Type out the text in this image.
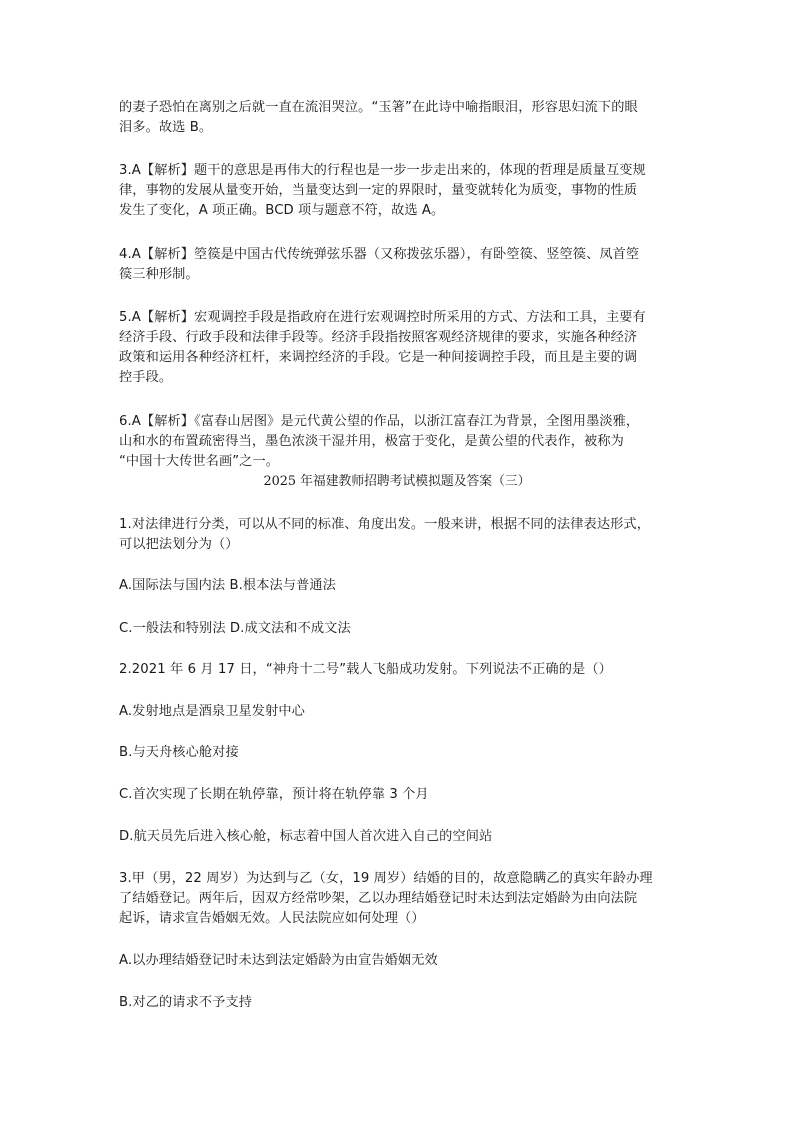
的妻子恐怕在离别之后就一直在流泪哭泣。“玉箸”在此诗中喻指眼泪，形容思妇流下的眼
泪多。故选 B。
3.A【解析】题干的意思是再伟大的行程也是一步一步走出来的，体现的哲理是质量互变规
律，事物的发展从量变开始，当量变达到一定的界限时，量变就转化为质变，事物的性质
发生了变化，A 项正确。BCD 项与题意不符，故选 A。
4.A【解析】箜篌是中国古代传统弹弦乐器（又称拨弦乐器），有卧箜篌、竖箜篌、凤首箜
篌三种形制。
5.A【解析】宏观调控手段是指政府在进行宏观调控时所采用的方式、方法和工具，主要有
经济手段、行政手段和法律手段等。经济手段指按照客观经济规律的要求，实施各种经济
政策和运用各种经济杠杆，来调控经济的手段。它是一种间接调控手段，而且是主要的调
控手段。
6.A【解析】《富春山居图》是元代黄公望的作品，以浙江富春江为背景，全图用墨淡雅，
山和水的布置疏密得当，墨色浓淡干湿并用，极富于变化，是黄公望的代表作，被称为
“中国十大传世名画”之一。
2025 年福建教师招聘考试模拟题及答案（三）
1.对法律进行分类，可以从不同的标准、角度出发。一般来讲，根据不同的法律表达形式，
可以把法划分为（）
A.国际法与国内法 B.根本法与普通法
C.一般法和特别法 D.成文法和不成文法
2.2021 年 6 月 17 日，“神舟十二号”载人飞船成功发射。下列说法不正确的是（）
A.发射地点是酒泉卫星发射中心
B.与天舟核心舱对接
C.首次实现了长期在轨停靠，预计将在轨停靠 3 个月
D.航天员先后进入核心舱，标志着中国人首次进入自己的空间站
3.甲（男，22 周岁）为达到与乙（女，19 周岁）结婚的目的，故意隐瞒乙的真实年龄办理
了结婚登记。两年后，因双方经常吵架，乙以办理结婚登记时未达到法定婚龄为由向法院
起诉，请求宣告婚姻无效。人民法院应如何处理（）
A.以办理结婚登记时未达到法定婚龄为由宣告婚姻无效
B.对乙的请求不予支持
